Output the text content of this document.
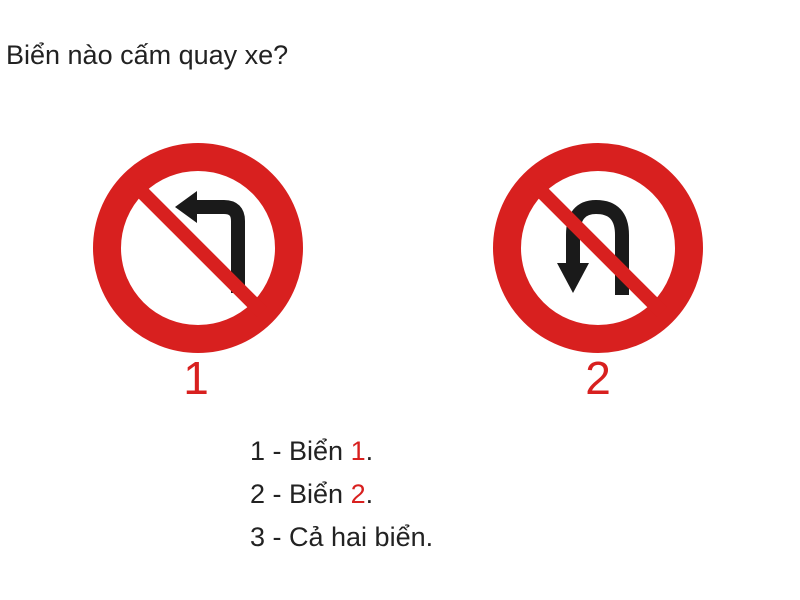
Biển nào cấm quay xe?
1	2
1 - Biển 1.
2 - Biển 2.
3 - Cả hai biển.
